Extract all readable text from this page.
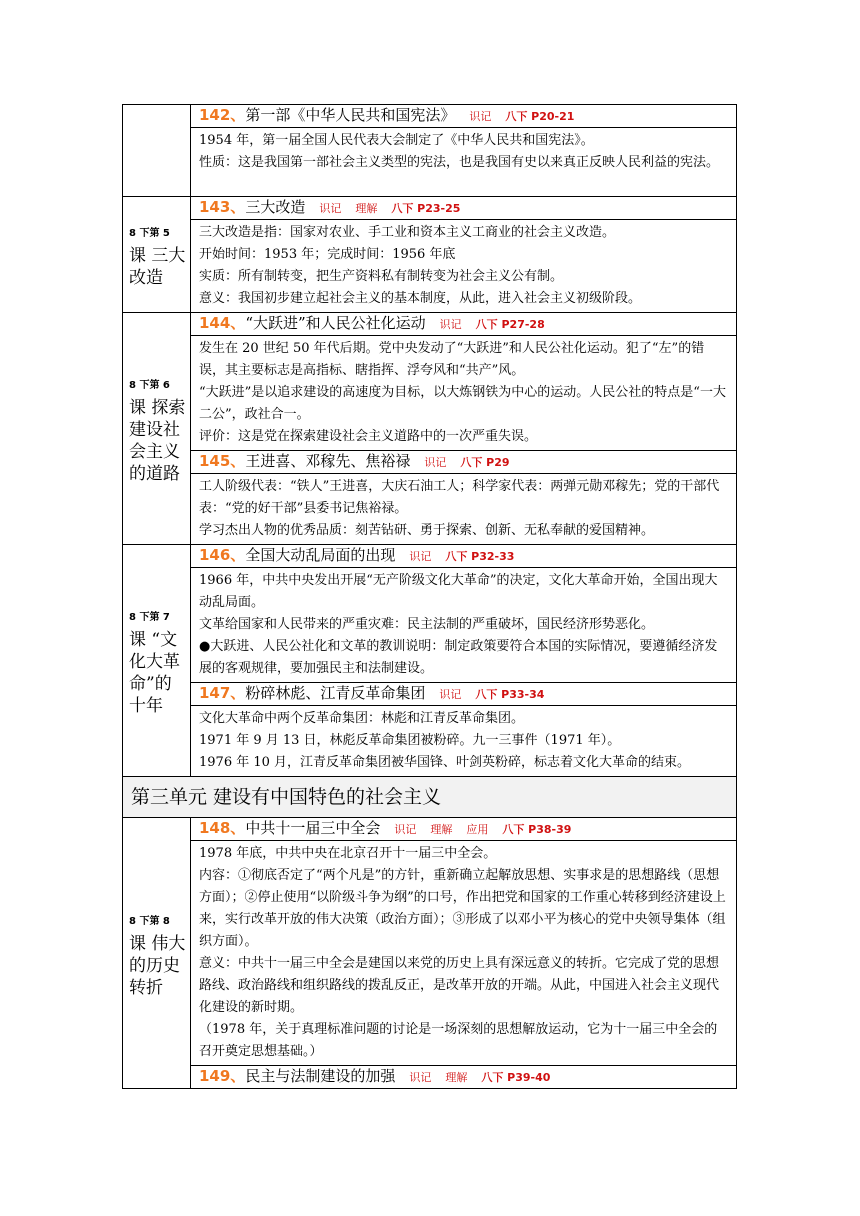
	142、第一部《中华人民共和国宪法》 识记 八下 P20-21

	1954 年，第一届全国人民代表大会制定了《中华人民共和国宪法》。

性质：这是我国第一部社会主义类型的宪法，也是我国有史以来真正反映人民利益的宪法。

8 下第 5
课 三大改造	143、三大改造 识记 理解 八下 P23-25

	三大改造是指：国家对农业、手工业和资本主义工商业的社会主义改造。

开始时间：1953 年；完成时间：1956 年底

实质：所有制转变，把生产资料私有制转变为社会主义公有制。

意义：我国初步建立起社会主义的基本制度，从此，进入社会主义初级阶段。

8 下第 6
课 探索建设社会主义的道路	144、“大跃进”和人民公社化运动 识记 八下 P27-28

	发生在 20 世纪 50 年代后期。党中央发动了“大跃进”和人民公社化运动。犯了“左”的错误，其主要标志是高指标、瞎指挥、浮夸风和“共产”风。

“大跃进”是以追求建设的高速度为目标，以大炼钢铁为中心的运动。人民公社的特点是“一大二公”，政社合一。

评价：这是党在探索建设社会主义道路中的一次严重失误。

	145、王进喜、邓稼先、焦裕禄 识记 八下 P29

	工人阶级代表：“铁人”王进喜，大庆石油工人；科学家代表：两弹元勋邓稼先；党的干部代表：“党的好干部”县委书记焦裕禄。

学习杰出人物的优秀品质：刻苦钻研、勇于探索、创新、无私奉献的爱国精神。

8 下第 7
课 “文化大革命”的十年	146、全国大动乱局面的出现 识记 八下 P32-33

	1966 年，中共中央发出开展“无产阶级文化大革命”的决定，文化大革命开始，全国出现大动乱局面。

文革给国家和人民带来的严重灾难：民主法制的严重破坏，国民经济形势恶化。

●大跃进、人民公社化和文革的教训说明：制定政策要符合本国的实际情况，要遵循经济发展的客观规律，要加强民主和法制建设。

	147、粉碎林彪、江青反革命集团 识记 八下 P33-34

	文化大革命中两个反革命集团：林彪和江青反革命集团。

1971 年 9 月 13 日，林彪反革命集团被粉碎。九一三事件（1971 年）。

1976 年 10 月，江青反革命集团被华国锋、叶剑英粉碎，标志着文化大革命的结束。

第三单元 建设有中国特色的社会主义	
8 下第 8
课 伟大的历史转折	148、中共十一届三中全会 识记 理解 应用 八下 P38-39

	1978 年底，中共中央在北京召开十一届三中全会。

内容：①彻底否定了“两个凡是”的方针，重新确立起解放思想、实事求是的思想路线（思想方面）；②停止使用“以阶级斗争为纲”的口号，作出把党和国家的工作重心转移到经济建设上来，实行改革开放的伟大决策（政治方面）；③形成了以邓小平为核心的党中央领导集体（组织方面）。

意义：中共十一届三中全会是建国以来党的历史上具有深远意义的转折。它完成了党的思想路线、政治路线和组织路线的拨乱反正，是改革开放的开端。从此，中国进入社会主义现代化建设的新时期。

（1978 年，关于真理标准问题的讨论是一场深刻的思想解放运动，它为十一届三中全会的召开奠定思想基础。）

	149、民主与法制建设的加强 识记 理解 八下 P39-40
